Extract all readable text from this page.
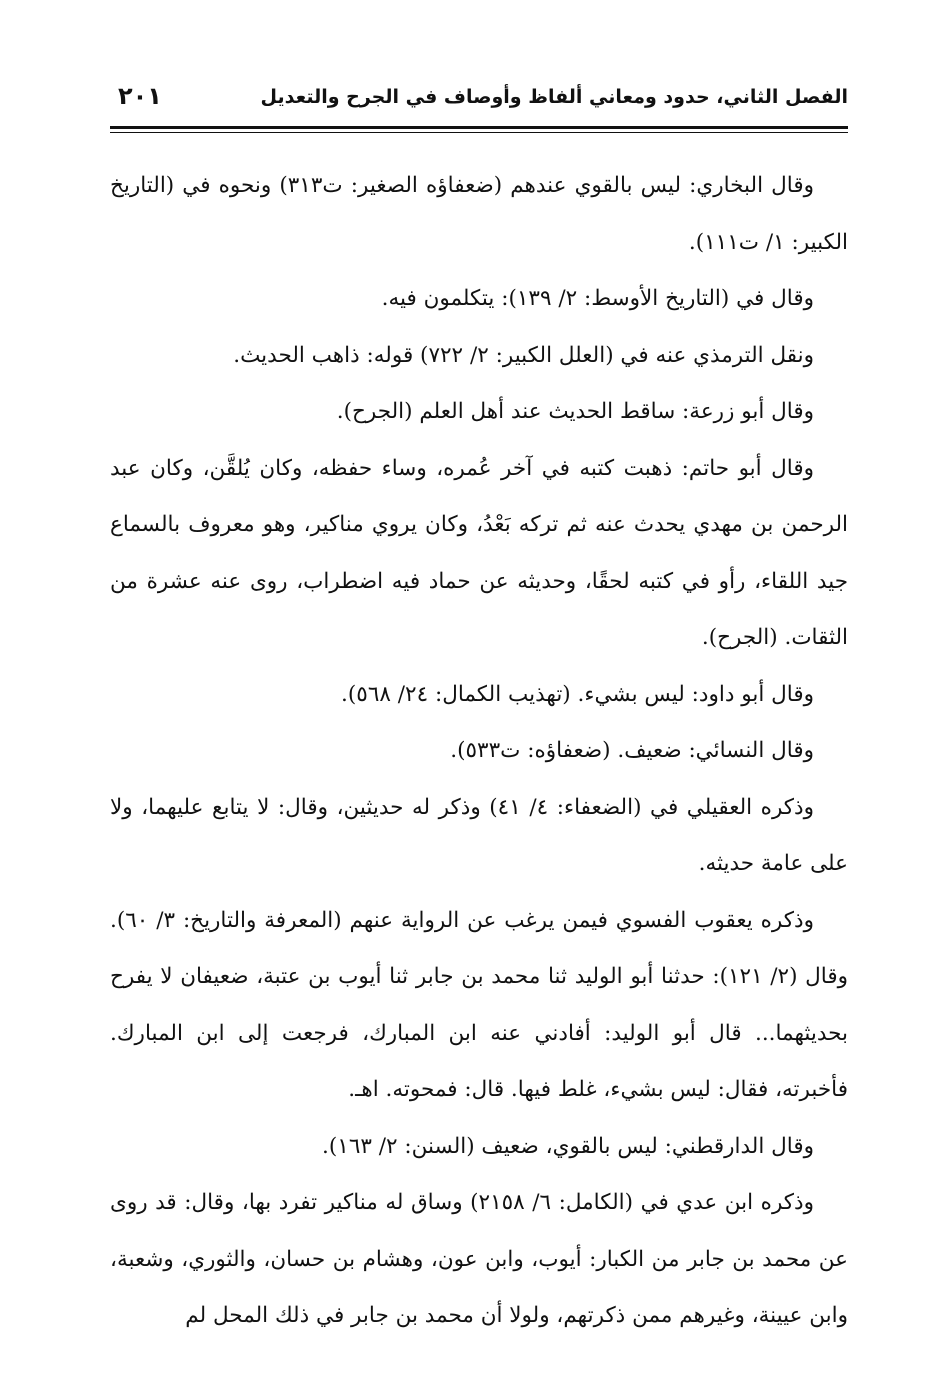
الفصل الثاني، حدود ومعاني ألفاظ وأوصاف في الجرح والتعديل
٢٠١

وقال البخاري: ليس بالقوي عندهم (ضعفاؤه الصغير: ت٣١٣) ونحوه في (التاريخ الكبير: ١/ ت١١١).

وقال في (التاريخ الأوسط: ٢/ ١٣٩): يتكلمون فيه.

ونقل الترمذي عنه في (العلل الكبير: ٢/ ٧٢٢) قوله: ذاهب الحديث.

وقال أبو زرعة: ساقط الحديث عند أهل العلم (الجرح).

وقال أبو حاتم: ذهبت كتبه في آخر عُمره، وساء حفظه، وكان يُلقَّن، وكان عبد الرحمن بن مهدي يحدث عنه ثم تركه بَعْدُ، وكان يروي مناكير، وهو معروف بالسماع جيد اللقاء، رأو في كتبه لحقًا، وحديثه عن حماد فيه اضطراب، روى عنه عشرة من الثقات. (الجرح).

وقال أبو داود: ليس بشيء. (تهذيب الكمال: ٢٤/ ٥٦٨).

وقال النسائي: ضعيف. (ضعفاؤه: ت٥٣٣).

وذكره العقيلي في (الضعفاء: ٤/ ٤١) وذكر له حديثين، وقال: لا يتابع عليهما، ولا على عامة حديثه.

وذكره يعقوب الفسوي فيمن يرغب عن الرواية عنهم (المعرفة والتاريخ: ٣/ ٦٠). وقال (٢/ ١٢١): حدثنا أبو الوليد ثنا محمد بن جابر ثنا أيوب بن عتبة، ضعيفان لا يفرح بحديثهما... قال أبو الوليد: أفادني عنه ابن المبارك، فرجعت إلى ابن المبارك. فأخبرته، فقال: ليس بشيء، غلط فيها. قال: فمحوته. اهـ.

وقال الدارقطني: ليس بالقوي، ضعيف (السنن: ٢/ ١٦٣).

وذكره ابن عدي في (الكامل: ٦/ ٢١٥٨) وساق له مناكير تفرد بها، وقال: قد روى عن محمد بن جابر من الكبار: أيوب، وابن عون، وهشام بن حسان، والثوري، وشعبة، وابن عيينة، وغيرهم ممن ذكرتهم، ولولا أن محمد بن جابر في ذلك المحل لم
